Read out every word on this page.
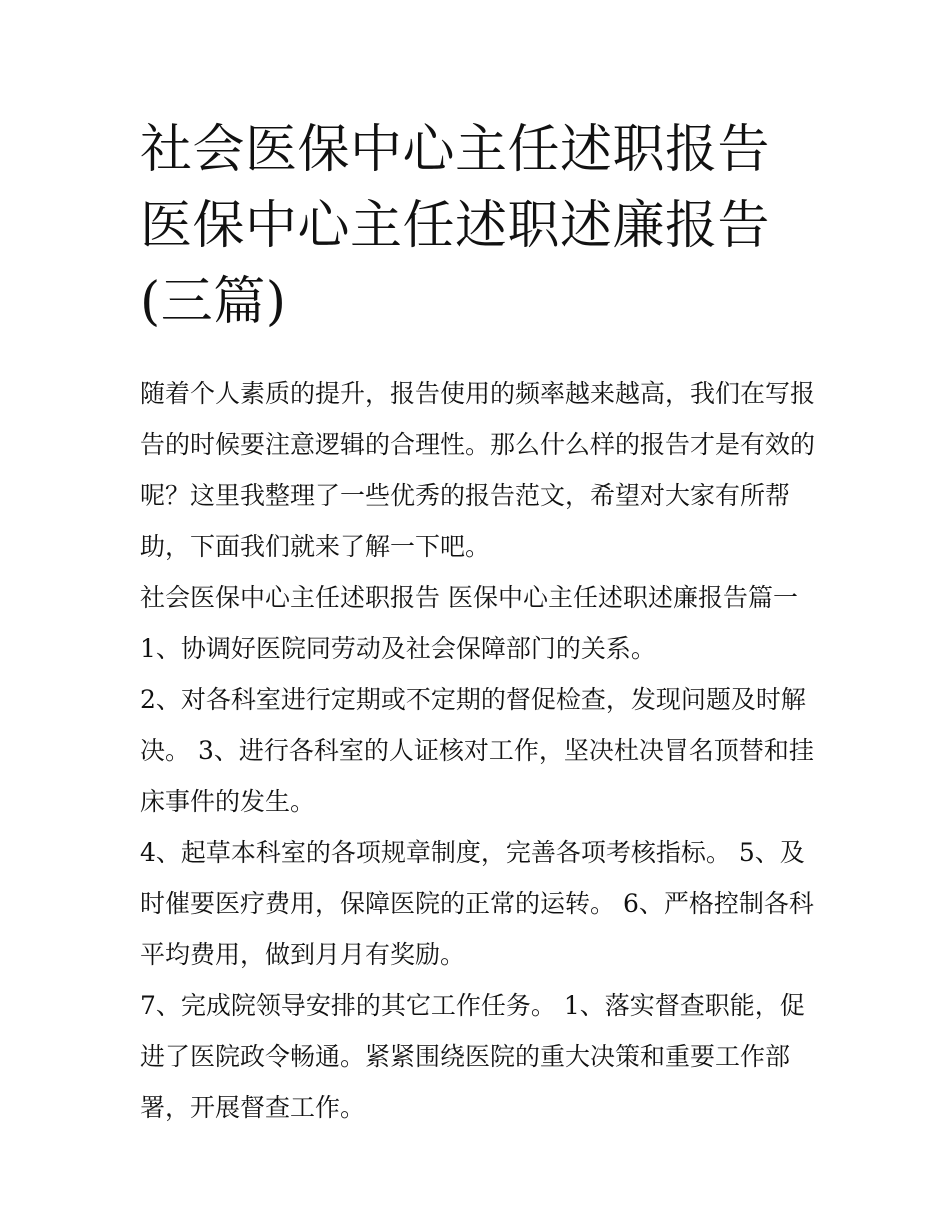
社会医保中心主任述职报告 医保中心主任述职述廉报告(三篇)

随着个人素质的提升，报告使用的频率越来越高，我们在写报告的时候要注意逻辑的合理性。那么什么样的报告才是有效的呢？这里我整理了一些优秀的报告范文，希望对大家有所帮助，下面我们就来了解一下吧。

社会医保中心主任述职报告 医保中心主任述职述廉报告篇一

1、协调好医院同劳动及社会保障部门的关系。

2、对各科室进行定期或不定期的督促检查，发现问题及时解决。 3、进行各科室的人证核对工作，坚决杜决冒名顶替和挂床事件的发生。

4、起草本科室的各项规章制度，完善各项考核指标。 5、及时催要医疗费用，保障医院的正常的运转。 6、严格控制各科平均费用，做到月月有奖励。

7、完成院领导安排的其它工作任务。 1、落实督查职能，促进了医院政令畅通。紧紧围绕医院的重大决策和重要工作部署，开展督查工作。
